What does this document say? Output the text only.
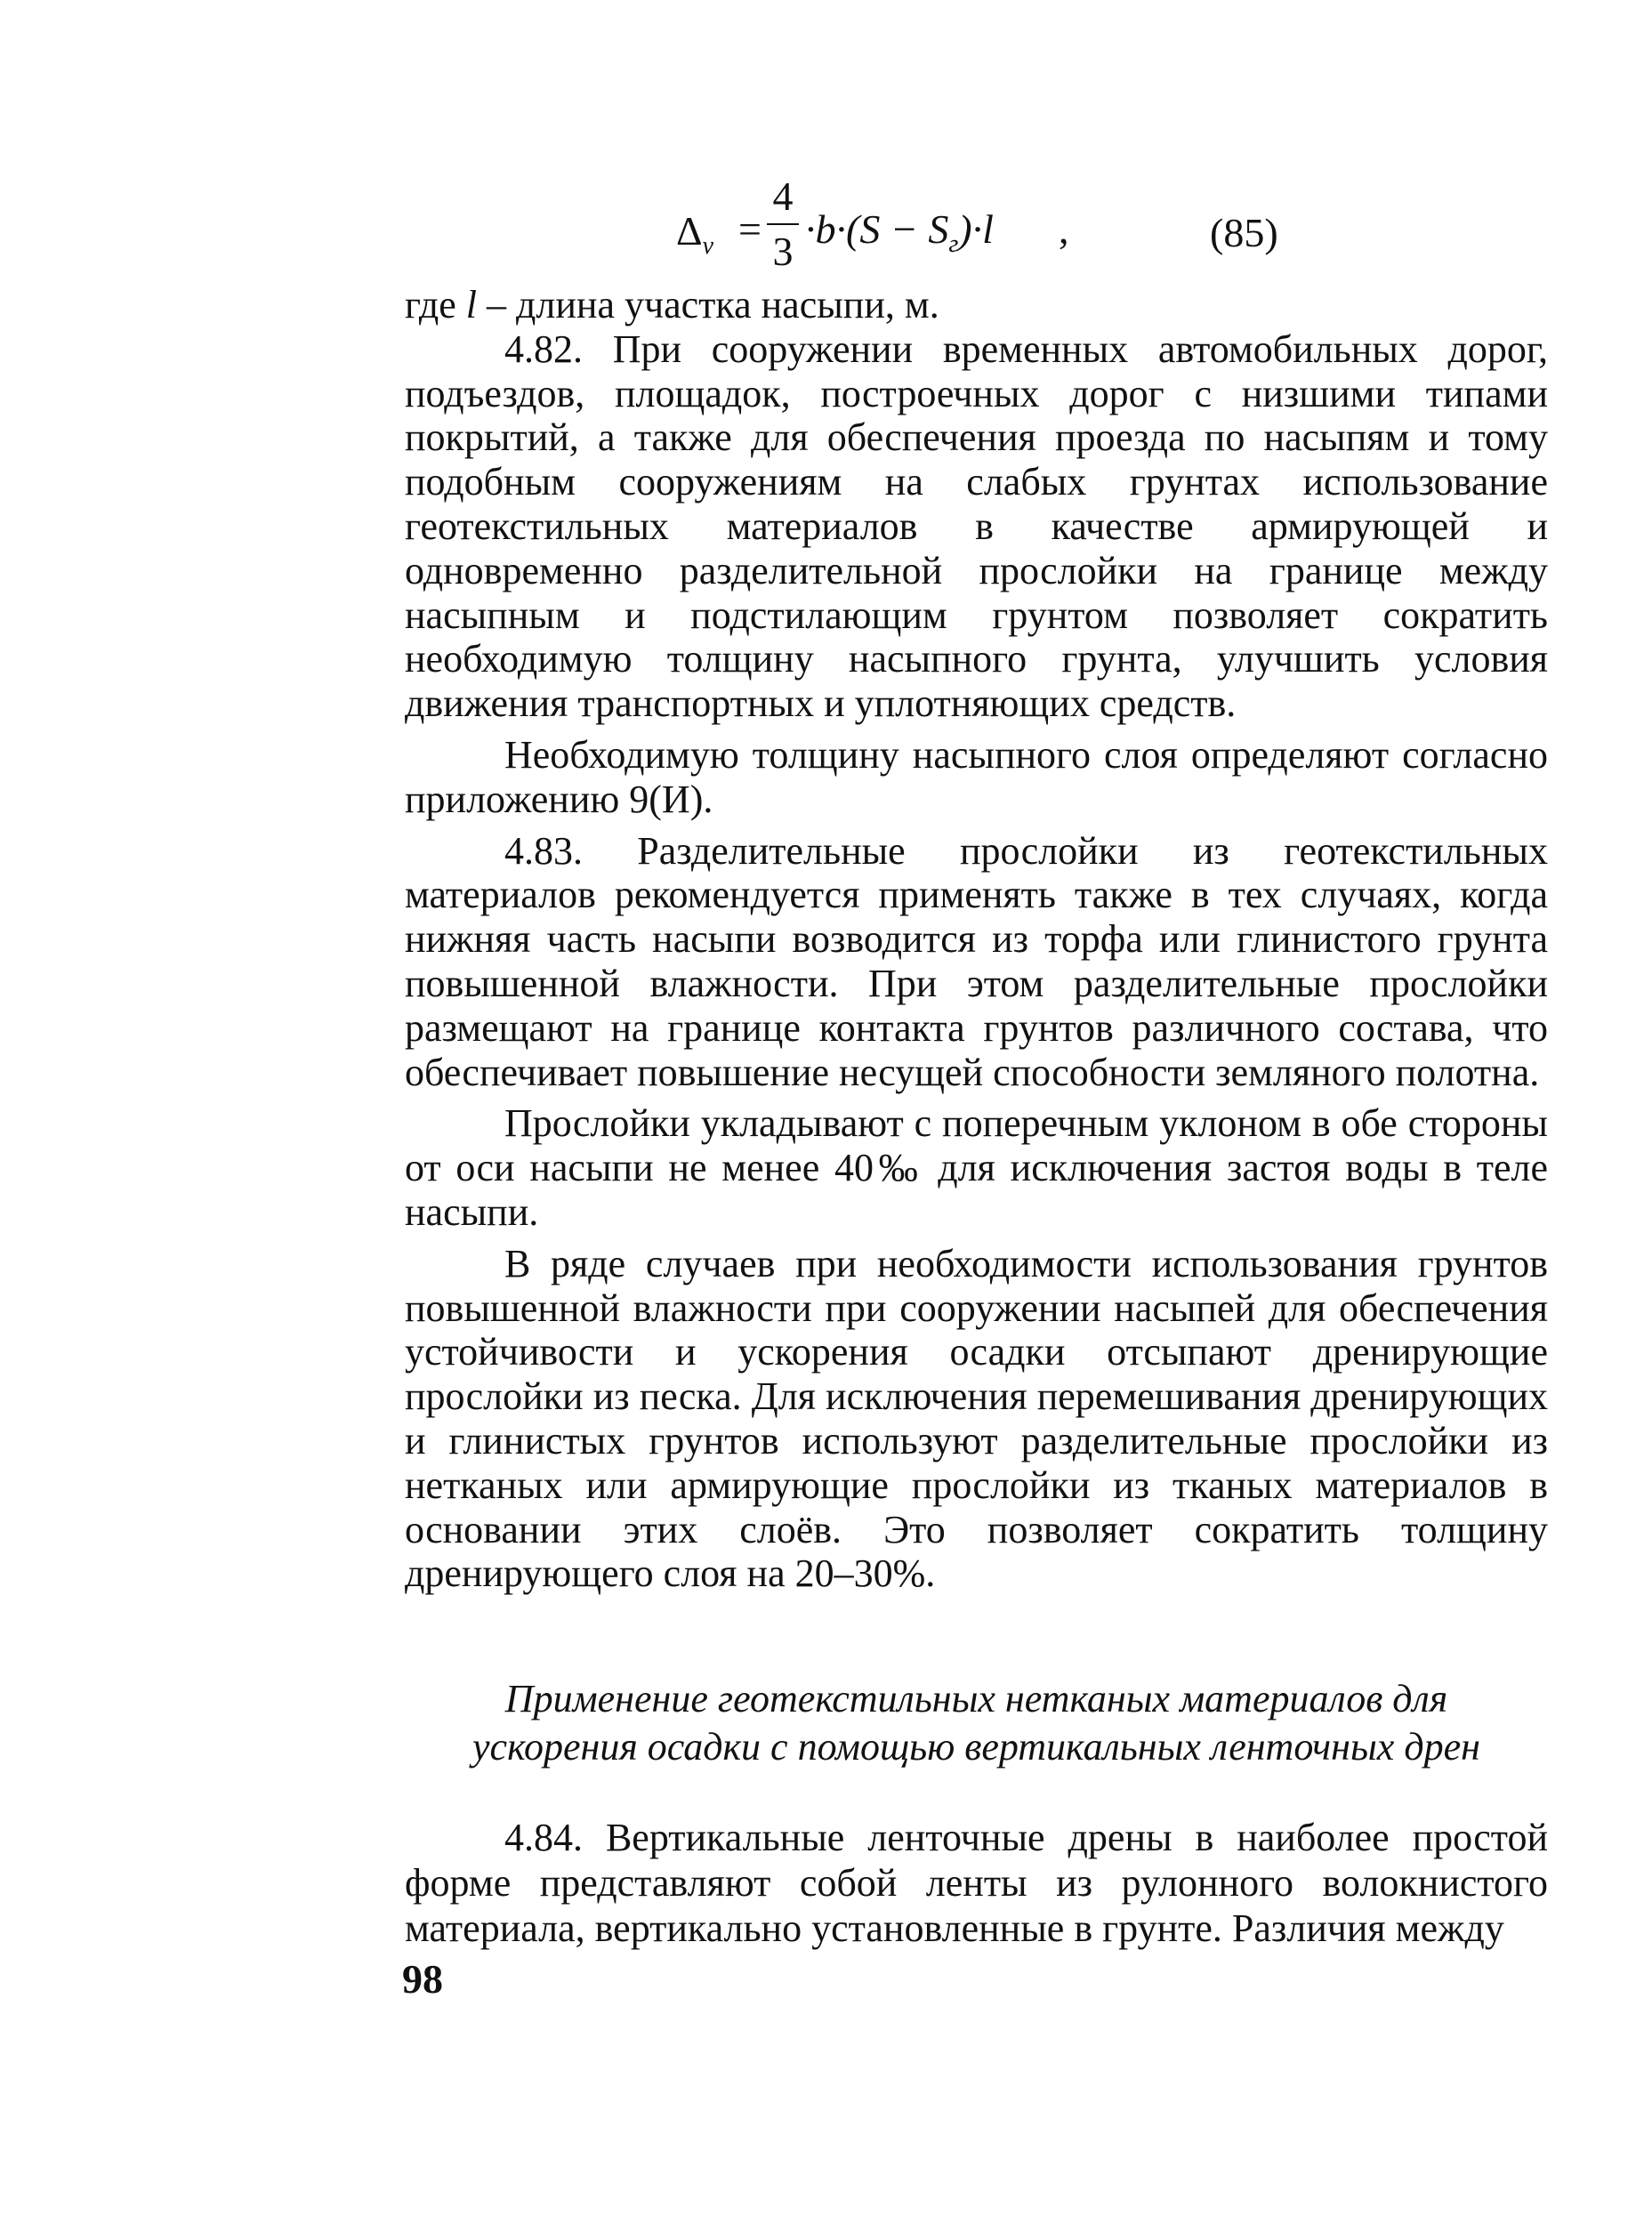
$\Delta_v$ =
4
$3 \cdot b\cdot(S - S_г)\cdot l$ ,	(85)

где l – длина участка насыпи, м.

4.82. При сооружении временных автомобильных дорог, подъездов, площадок, построечных дорог с низшими типами покрытий, а также для обеспечения проезда по насыпям и тому подобным сооружениям на слабых грунтах использование геотекстильных материалов в качестве армирующей и одновременно разделительной прослойки на границе между насыпным и подстилающим грунтом позволяет сократить необходимую толщину насыпного грунта, улучшить условия движения транспортных и уплотняющих средств.

Необходимую толщину насыпного слоя определяют согласно приложению 9(И).

4.83. Разделительные прослойки из геотекстильных материалов рекомендуется применять также в тех случаях, когда нижняя часть насыпи возводится из торфа или глинистого грунта повышенной влажности. При этом разделительные прослойки размещают на границе контакта грунтов различного состава, что обеспечивает повышение несущей способности земляного полотна.

Прослойки укладывают с поперечным уклоном в обе стороны от оси насыпи не менее 40‰ для исключения застоя воды в теле насыпи.

В ряде случаев при необходимости использования грунтов повышенной влажности при сооружении насыпей для обеспечения устойчивости и ускорения осадки отсыпают дренирующие прослойки из песка. Для исключения перемешивания дренирующих и глинистых грунтов используют разделительные прослойки из нетканых или армирующие прослойки из тканых материалов в основании этих слоёв. Это позволяет сократить толщину дренирующего слоя на 20–30%.

Применение геотекстильных нетканых материалов для
ускорения осадки с помощью вертикальных ленточных дрен

4.84. Вертикальные ленточные дрены в наиболее простой форме представляют собой ленты из рулонного волокнистого материала, вертикально установленные в грунте. Различия между

98
